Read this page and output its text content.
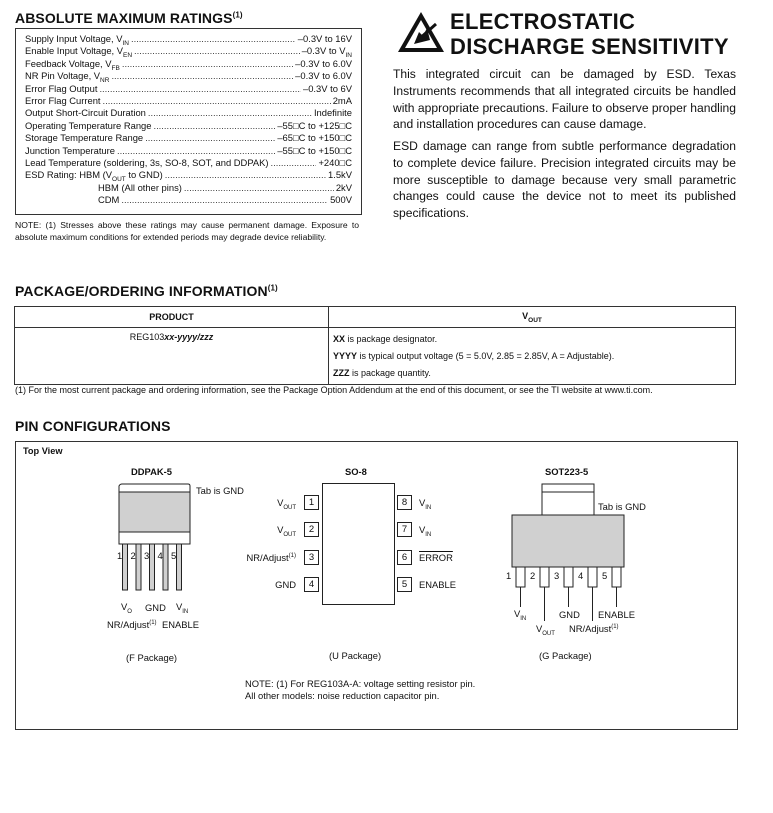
ABSOLUTE MAXIMUM RATINGS$^{(1)}$
Supply Input Voltage, $V_{IN}$ .....	–0.3V to 16V
Enable Input Voltage, $V_{EN}$ .....	–0.3V to $V_{IN}$
Feedback Voltage, $V_{FB}$ .....	–0.3V to 6.0V
NR Pin Voltage, $V_{NR}$ .....	–0.3V to 6.0V
Error Flag Output .....	–0.3V to 6V
Error Flag Current .....	2mA
Output Short-Circuit Duration .....	Indefinite
Operating Temperature Range .....	–55□C to +125□C
Storage Temperature Range .....	–65□C to +150□C
Junction Temperature .....	–55□C to +150□C
Lead Temperature (soldering, 3s, SO-8, SOT, and DDPAK) .....	+240□C
ESD Rating: HBM ($V_{OUT}$ to GND) .....	1.5kV
HBM (All other pins) .....	2kV
CDM .....	500V
NOTE: (1) Stresses above these ratings may cause permanent damage. Exposure to absolute maximum conditions for extended periods may degrade device reliability.
ELECTROSTATIC
DISCHARGE SENSITIVITY
This integrated circuit can be damaged by ESD. Texas Instruments recommends that all integrated circuits be handled with appropriate precautions. Failure to observe proper handling and installation procedures can cause damage.
ESD damage can range from subtle performance degradation to complete device failure. Precision integrated circuits may be more susceptible to damage because very small parametric changes could cause the device not to meet its published specifications.
PACKAGE/ORDERING INFORMATION$^{(1)}$
PRODUCT	$V_{OUT}$
REG103xx-yyyy/zzz	XX is package designator.
YYYY is typical output voltage (5 = 5.0V, 2.85 = 2.85V, A = Adjustable).
ZZZ is package quantity.
(1) For the most current package and ordering information, see the Package Option Addendum at the end of this document, or see the TI website at www.ti.com.
PIN CONFIGURATIONS
Top View
DDPAK-5
Tab is GND
1 2 3 4 5
$V_O$ GND $V_{IN}$
NR/Adjust$^{(1)}$ ENABLE
(F Package)
SO-8
1
2
3
4
8
7
6
5
$V_{OUT}$
$V_{OUT}$
NR/Adjust$^{(1)}$
GND
$V_{IN}$
$V_{IN}$
ERROR
ENABLE
(U Package)
SOT223-5
Tab is GND
1 2 3 4 5
$V_{IN}$	GND ENABLE
$V_{OUT}$ NR/Adjust$^{(1)}$
(G Package)
NOTE: (1) For REG103A-A: voltage setting resistor pin.
All other models: noise reduction capacitor pin.
